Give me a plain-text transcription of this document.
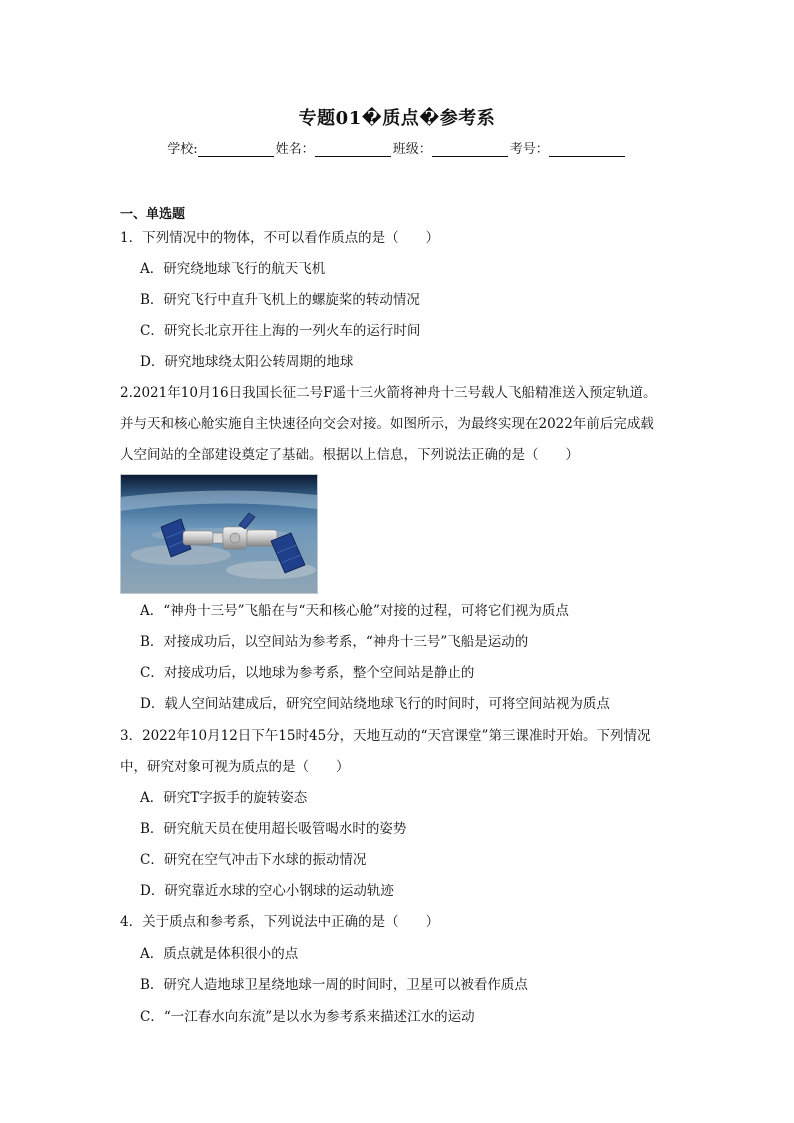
专题01�质点�参考系
学校:	姓名：	班级：	考号：
一、单选题
1．下列情况中的物体，不可以看作质点的是（　　）
A．研究绕地球飞行的航天飞机
B．研究飞行中直升飞机上的螺旋桨的转动情况
C．研究长北京开往上海的一列火车的运行时间
D．研究地球绕太阳公转周期的地球
2.2021年10月16日我国长征二号F遥十三火箭将神舟十三号载人飞船精准送入预定轨道。
并与天和核心舱实施自主快速径向交会对接。如图所示，为最终实现在2022年前后完成载
人空间站的全部建设奠定了基础。根据以上信息，下列说法正确的是（　　）
A．“神舟十三号”飞船在与“天和核心舱”对接的过程，可将它们视为质点
B．对接成功后，以空间站为参考系，“神舟十三号”飞船是运动的
C．对接成功后，以地球为参考系，整个空间站是静止的
D．载人空间站建成后，研究空间站绕地球飞行的时间时，可将空间站视为质点
3．2022年10月12日下午15时45分，天地互动的“天宫课堂”第三课准时开始。下列情况
中，研究对象可视为质点的是（　　）
A．研究T字扳手的旋转姿态
B．研究航天员在使用超长吸管喝水时的姿势
C．研究在空气冲击下水球的振动情况
D．研究靠近水球的空心小钢球的运动轨迹
4．关于质点和参考系，下列说法中正确的是（　　）
A．质点就是体积很小的点
B．研究人造地球卫星绕地球一周的时间时，卫星可以被看作质点
C．“一江春水向东流”是以水为参考系来描述江水的运动
